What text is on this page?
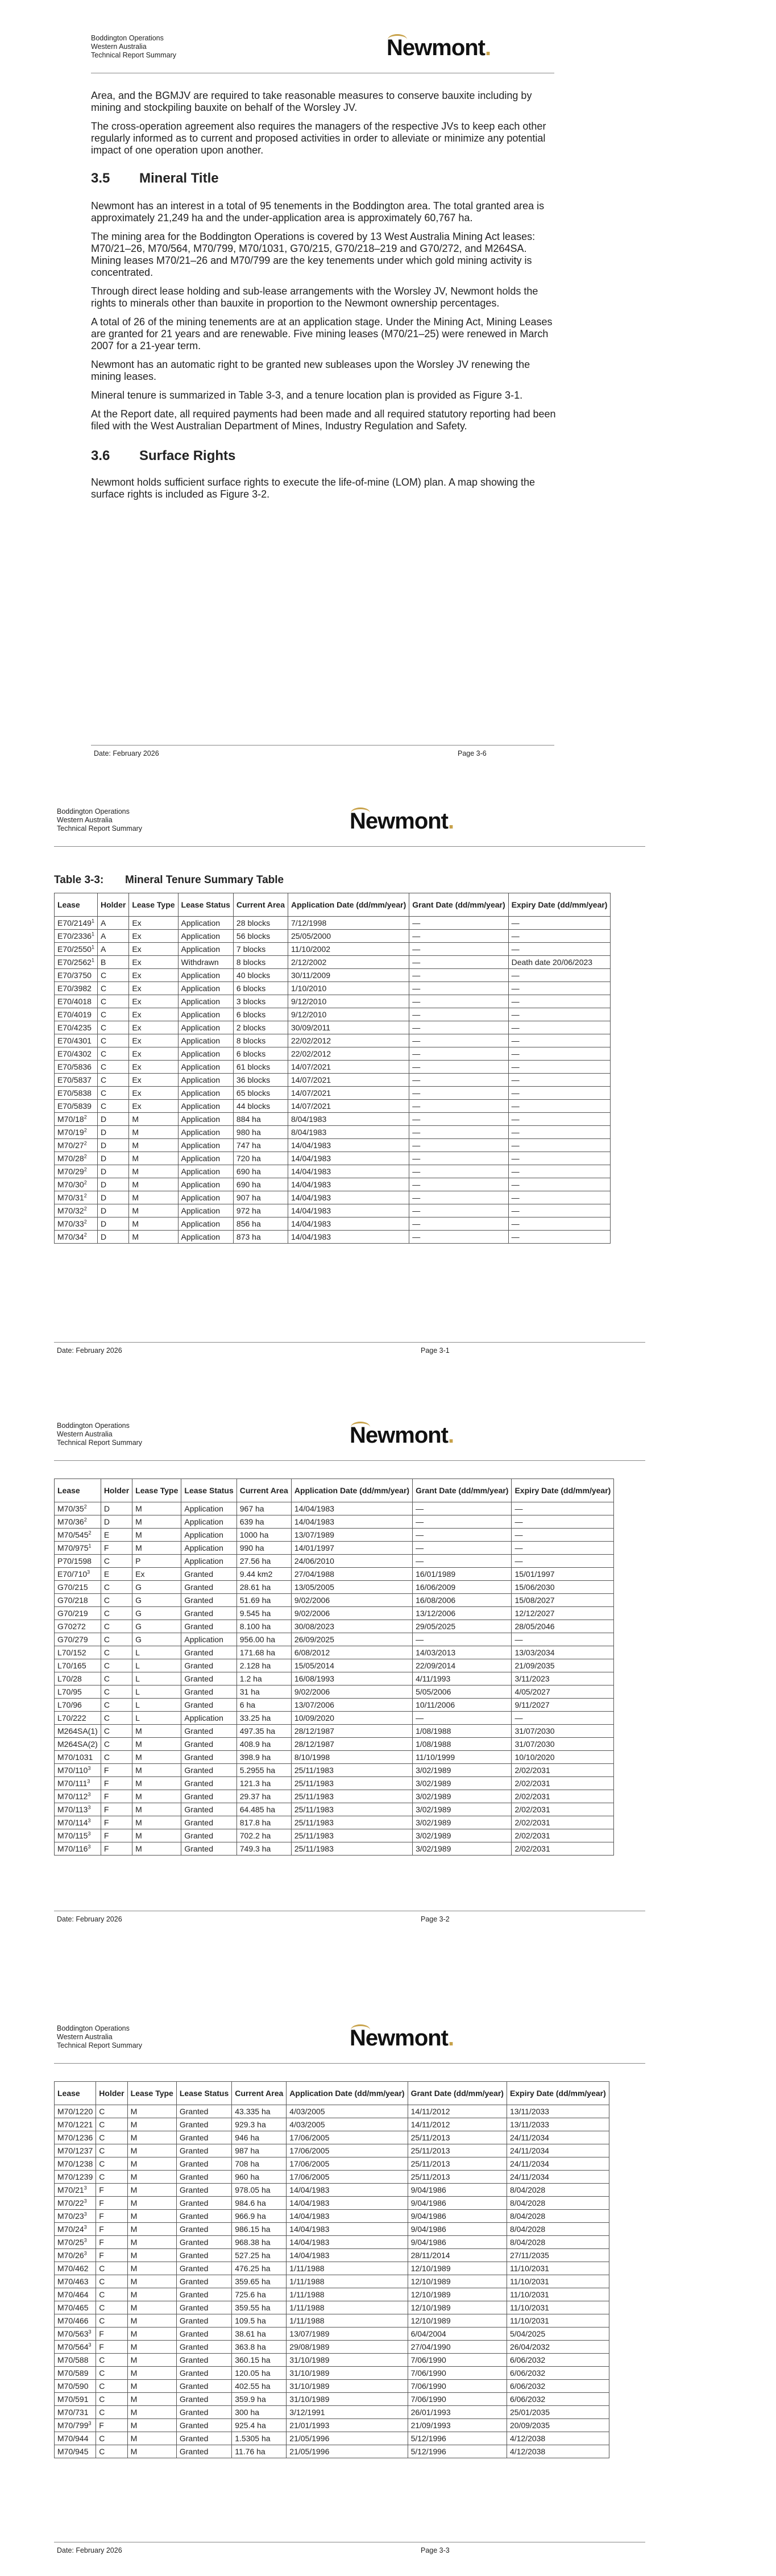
Boddington Operations
Western Australia
Technical Report Summary	Newmont.

Area, and the BGMJV are required to take reasonable measures to conserve bauxite including by mining and stockpiling bauxite on behalf of the Worsley JV.

The cross-operation agreement also requires the managers of the respective JVs to keep each other regularly informed as to current and proposed activities in order to alleviate or minimize any potential impact of one operation upon another.

3.5 Mineral Title

Newmont has an interest in a total of 95 tenements in the Boddington area. The total granted area is approximately 21,249 ha and the under-application area is approximately 60,767 ha.

The mining area for the Boddington Operations is covered by 13 West Australia Mining Act leases: M70/21–26, M70/564, M70/799, M70/1031, G70/215, G70/218–219 and G70/272, and M264SA. Mining leases M70/21–26 and M70/799 are the key tenements under which gold mining activity is concentrated.

Through direct lease holding and sub-lease arrangements with the Worsley JV, Newmont holds the rights to minerals other than bauxite in proportion to the Newmont ownership percentages.

A total of 26 of the mining tenements are at an application stage. Under the Mining Act, Mining Leases are granted for 21 years and are renewable. Five mining leases (M70/21–25) were renewed in March 2007 for a 21-year term.

Newmont has an automatic right to be granted new subleases upon the Worsley JV renewing the mining leases.

Mineral tenure is summarized in Table 3-3, and a tenure location plan is provided as Figure 3-1.

At the Report date, all required payments had been made and all required statutory reporting had been filed with the West Australian Department of Mines, Industry Regulation and Safety.

3.6 Surface Rights

Newmont holds sufficient surface rights to execute the life-of-mine (LOM) plan. A map showing the surface rights is included as Figure 3-2.

Date: February 2026	Page 3-6
Boddington Operations
Western Australia
Technical Report Summary	Newmont.
Table 3-3: Mineral Tenure Summary Table
Lease	Holder	Lease Type	Lease Status	Current Area	Application Date (dd/mm/year)	Grant Date (dd/mm/year)	Expiry Date (dd/mm/year)
E70/2149$^1$	A	Ex	Application	28 blocks	7/12/1998	—	—
E70/2336$^1$	A	Ex	Application	56 blocks	25/05/2000	—	—
E70/2550$^1$	A	Ex	Application	7 blocks	11/10/2002	—	—
E70/2562$^1$	B	Ex	Withdrawn	8 blocks	2/12/2002	—	Death date 20/06/2023
E70/3750	C	Ex	Application	40 blocks	30/11/2009	—	—
E70/3982	C	Ex	Application	6 blocks	1/10/2010	—	—
E70/4018	C	Ex	Application	3 blocks	9/12/2010	—	—
E70/4019	C	Ex	Application	6 blocks	9/12/2010	—	—
E70/4235	C	Ex	Application	2 blocks	30/09/2011	—	—
E70/4301	C	Ex	Application	8 blocks	22/02/2012	—	—
E70/4302	C	Ex	Application	6 blocks	22/02/2012	—	—
E70/5836	C	Ex	Application	61 blocks	14/07/2021	—	—
E70/5837	C	Ex	Application	36 blocks	14/07/2021	—	—
E70/5838	C	Ex	Application	65 blocks	14/07/2021	—	—
E70/5839	C	Ex	Application	44 blocks	14/07/2021	—	—
$M70/18^2$	D	M	Application	884 ha	8/04/1983	—	—
$M70/19^2$	D	M	Application	980 ha	8/04/1983	—	—
$M70/27^2$	D	M	Application	747 ha	14/04/1983	—	—
$M70/28^2$	D	M	Application	720 ha	14/04/1983	—	—
$M70/29^2$	D	M	Application	690 ha	14/04/1983	—	—
$M70/30^2$	D	M	Application	690 ha	14/04/1983	—	—
$M70/31^2$	D	M	Application	907 ha	14/04/1983	—	—
$M70/32^2$	D	M	Application	972 ha	14/04/1983	—	—
$M70/33^2$	D	M	Application	856 ha	14/04/1983	—	—
$M70/34^2$	D	M	Application	873 ha	14/04/1983	—	—
Date: February 2026	Page 3-1
Boddington Operations
Western Australia
Technical Report Summary	Newmont.
Lease	Holder	Lease Type	Lease Status	Current Area	Application Date (dd/mm/year)	Grant Date (dd/mm/year)	Expiry Date (dd/mm/year)
$M70/35^2$	D	M	Application	967 ha	14/04/1983	—	—
$M70/36^2$	D	M	Application	639 ha	14/04/1983	—	—
$M70/545^2$	E	M	Application	1000 ha	13/07/1989	—	—
$M70/975^1$	F	M	Application	990 ha	14/01/1997	—	—
P70/1598	C	P	Application	27.56 ha	24/06/2010	—	—
$E70/710^3$	E	Ex	Granted	9.44 km2	27/04/1988	16/01/1989	15/01/1997
G70/215	C	G	Granted	28.61 ha	13/05/2005	16/06/2009	15/06/2030
G70/218	C	G	Granted	51.69 ha	9/02/2006	16/08/2006	15/08/2027
G70/219	C	G	Granted	9.545 ha	9/02/2006	13/12/2006	12/12/2027
G70272	C	G	Granted	8.100 ha	30/08/2023	29/05/2025	28/05/2046
G70/279	C	G	Application	956.00 ha	26/09/2025	—	—
L70/152	C	L	Granted	171.68 ha	6/08/2012	14/03/2013	13/03/2034
L70/165	C	L	Granted	2.128 ha	15/05/2014	22/09/2014	21/09/2035
L70/28	C	L	Granted	1.2 ha	16/08/1993	4/11/1993	3/11/2023
L70/95	C	L	Granted	31 ha	9/02/2006	5/05/2006	4/05/2027
L70/96	C	L	Granted	6 ha	13/07/2006	10/11/2006	9/11/2027
L70/222	C	L	Application	33.25 ha	10/09/2020	—	—
M264SA(1)	C	M	Granted	497.35 ha	28/12/1987	1/08/1988	31/07/2030
M264SA(2)	C	M	Granted	408.9 ha	28/12/1987	1/08/1988	31/07/2030
M70/1031	C	M	Granted	398.9 ha	8/10/1998	11/10/1999	10/10/2020
$M70/110^3$	F	M	Granted	5.2955 ha	25/11/1983	3/02/1989	2/02/2031
$M70/111^3$	F	M	Granted	121.3 ha	25/11/1983	3/02/1989	2/02/2031
$M70/112^3$	F	M	Granted	29.37 ha	25/11/1983	3/02/1989	2/02/2031
$M70/113^3$	F	M	Granted	64.485 ha	25/11/1983	3/02/1989	2/02/2031
$M70/114^3$	F	M	Granted	817.8 ha	25/11/1983	3/02/1989	2/02/2031
$M70/115^3$	F	M	Granted	702.2 ha	25/11/1983	3/02/1989	2/02/2031
$M70/116^3$	F	M	Granted	749.3 ha	25/11/1983	3/02/1989	2/02/2031
Date: February 2026	Page 3-2
Boddington Operations
Western Australia
Technical Report Summary	Newmont.
Lease	Holder	Lease Type	Lease Status	Current Area	Application Date (dd/mm/year)	Grant Date (dd/mm/year)	Expiry Date (dd/mm/year)
M70/1220	C	M	Granted	43.335 ha	4/03/2005	14/11/2012	13/11/2033
M70/1221	C	M	Granted	929.3 ha	4/03/2005	14/11/2012	13/11/2033
M70/1236	C	M	Granted	946 ha	17/06/2005	25/11/2013	24/11/2034
M70/1237	C	M	Granted	987 ha	17/06/2005	25/11/2013	24/11/2034
M70/1238	C	M	Granted	708 ha	17/06/2005	25/11/2013	24/11/2034
M70/1239	C	M	Granted	960 ha	17/06/2005	25/11/2013	24/11/2034
$M70/21^3$	F	M	Granted	978.05 ha	14/04/1983	9/04/1986	8/04/2028
$M70/22^3$	F	M	Granted	984.6 ha	14/04/1983	9/04/1986	8/04/2028
$M70/23^3$	F	M	Granted	966.9 ha	14/04/1983	9/04/1986	8/04/2028
$M70/24^3$	F	M	Granted	986.15 ha	14/04/1983	9/04/1986	8/04/2028
$M70/25^3$	F	M	Granted	968.38 ha	14/04/1983	9/04/1986	8/04/2028
$M70/26^3$	F	M	Granted	527.25 ha	14/04/1983	28/11/2014	27/11/2035
M70/462	C	M	Granted	476.25 ha	1/11/1988	12/10/1989	11/10/2031
M70/463	C	M	Granted	359.65 ha	1/11/1988	12/10/1989	11/10/2031
M70/464	C	M	Granted	725.6 ha	1/11/1988	12/10/1989	11/10/2031
M70/465	C	M	Granted	359.55 ha	1/11/1988	12/10/1989	11/10/2031
M70/466	C	M	Granted	109.5 ha	1/11/1988	12/10/1989	11/10/2031
$M70/563^3$	F	M	Granted	38.61 ha	13/07/1989	6/04/2004	5/04/2025
$M70/564^3$	F	M	Granted	363.8 ha	29/08/1989	27/04/1990	26/04/2032
M70/588	C	M	Granted	360.15 ha	31/10/1989	7/06/1990	6/06/2032
M70/589	C	M	Granted	120.05 ha	31/10/1989	7/06/1990	6/06/2032
M70/590	C	M	Granted	402.55 ha	31/10/1989	7/06/1990	6/06/2032
M70/591	C	M	Granted	359.9 ha	31/10/1989	7/06/1990	6/06/2032
M70/731	C	M	Granted	300 ha	3/12/1991	26/01/1993	25/01/2035
$M70/799^3$	F	M	Granted	925.4 ha	21/01/1993	21/09/1993	20/09/2035
M70/944	C	M	Granted	1.5305 ha	21/05/1996	5/12/1996	4/12/2038
M70/945	C	M	Granted	11.76 ha	21/05/1996	5/12/1996	4/12/2038
Date: February 2026	Page 3-3
